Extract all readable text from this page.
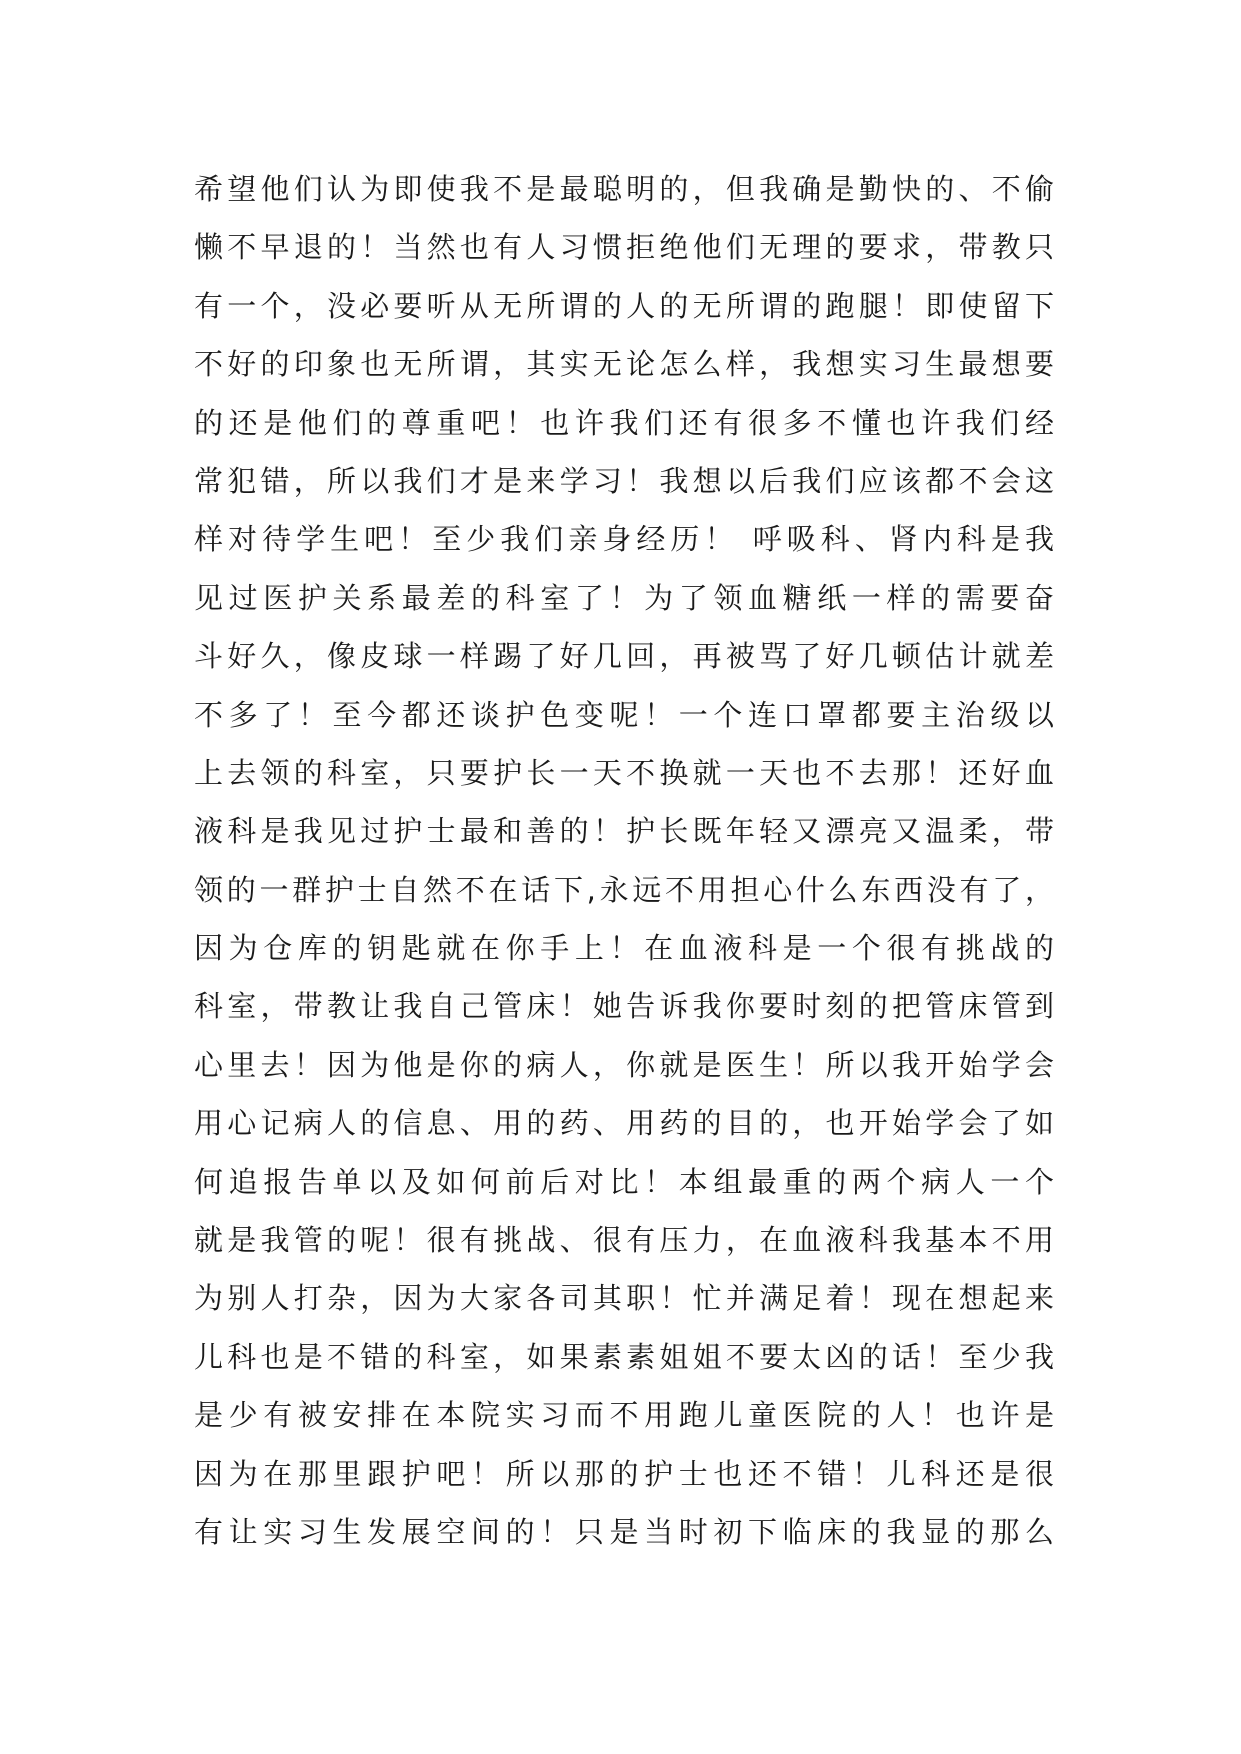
希望他们认为即使我不是最聪明的，但我确是勤快的、不偷
懒不早退的！当然也有人习惯拒绝他们无理的要求，带教只
有一个，没必要听从无所谓的人的无所谓的跑腿！即使留下
不好的印象也无所谓，其实无论怎么样，我想实习生最想要
的还是他们的尊重吧！也许我们还有很多不懂也许我们经
常犯错，所以我们才是来学习！我想以后我们应该都不会这
样对待学生吧！至少我们亲身经历！ 呼吸科、肾内科是我
见过医护关系最差的科室了！为了领血糖纸一样的需要奋
斗好久，像皮球一样踢了好几回，再被骂了好几顿估计就差
不多了！至今都还谈护色变呢！一个连口罩都要主治级以
上去领的科室，只要护长一天不换就一天也不去那！还好血
液科是我见过护士最和善的！护长既年轻又漂亮又温柔，带
领的一群护士自然不在话下,永远不用担心什么东西没有了，
因为仓库的钥匙就在你手上！在血液科是一个很有挑战的
科室，带教让我自己管床！她告诉我你要时刻的把管床管到
心里去！因为他是你的病人，你就是医生！所以我开始学会
用心记病人的信息、用的药、用药的目的，也开始学会了如
何追报告单以及如何前后对比！本组最重的两个病人一个
就是我管的呢！很有挑战、很有压力，在血液科我基本不用
为别人打杂，因为大家各司其职！忙并满足着！现在想起来
儿科也是不错的科室，如果素素姐姐不要太凶的话！至少我
是少有被安排在本院实习而不用跑儿童医院的人！也许是
因为在那里跟护吧！所以那的护士也还不错！儿科还是很
有让实习生发展空间的！只是当时初下临床的我显的那么
